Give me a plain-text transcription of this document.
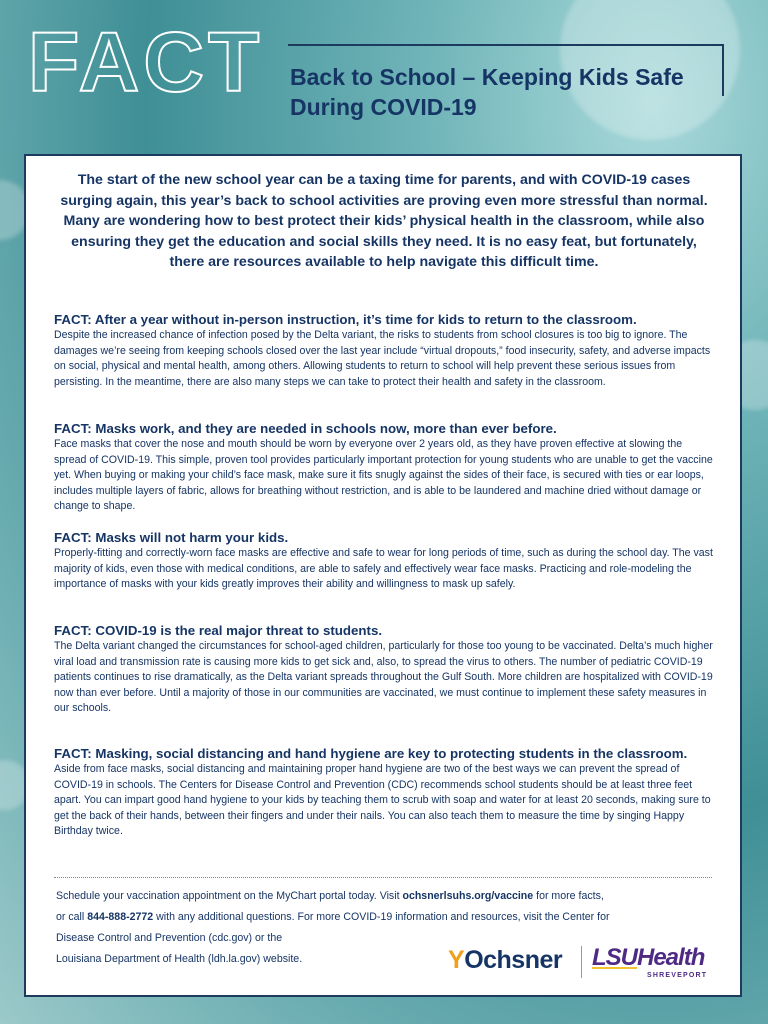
FACT Back to School – Keeping Kids Safe During COVID-19
The start of the new school year can be a taxing time for parents, and with COVID-19 cases surging again, this year’s back to school activities are proving even more stressful than normal. Many are wondering how to best protect their kids’ physical health in the classroom, while also ensuring they get the education and social skills they need. It is no easy feat, but fortunately, there are resources available to help navigate this difficult time.
FACT: After a year without in-person instruction, it’s time for kids to return to the classroom.
Despite the increased chance of infection posed by the Delta variant, the risks to students from school closures is too big to ignore. The damages we’re seeing from keeping schools closed over the last year include “virtual dropouts,” food insecurity, safety, and adverse impacts on social, physical and mental health, among others. Allowing students to return to school will help prevent these serious issues from persisting. In the meantime, there are also many steps we can take to protect their health and safety in the classroom.
FACT: Masks work, and they are needed in schools now, more than ever before.
Face masks that cover the nose and mouth should be worn by everyone over 2 years old, as they have proven effective at slowing the spread of COVID-19. This simple, proven tool provides particularly important protection for young students who are unable to get the vaccine yet. When buying or making your child’s face mask, make sure it fits snugly against the sides of their face, is secured with ties or ear loops, includes multiple layers of fabric, allows for breathing without restriction, and is able to be laundered and machine dried without damage or change to shape.
FACT: Masks will not harm your kids.
Properly-fitting and correctly-worn face masks are effective and safe to wear for long periods of time, such as during the school day. The vast majority of kids, even those with medical conditions, are able to safely and effectively wear face masks. Practicing and role-modeling the importance of masks with your kids greatly improves their ability and willingness to mask up safely.
FACT: COVID-19 is the real major threat to students.
The Delta variant changed the circumstances for school-aged children, particularly for those too young to be vaccinated. Delta’s much higher viral load and transmission rate is causing more kids to get sick and, also, to spread the virus to others. The number of pediatric COVID-19 patients continues to rise dramatically, as the Delta variant spreads throughout the Gulf South. More children are hospitalized with COVID-19 now than ever before. Until a majority of those in our communities are vaccinated, we must continue to implement these safety measures in our schools.
FACT: Masking, social distancing and hand hygiene are key to protecting students in the classroom.
Aside from face masks, social distancing and maintaining proper hand hygiene are two of the best ways we can prevent the spread of COVID-19 in schools. The Centers for Disease Control and Prevention (CDC) recommends school students should be at least three feet apart. You can impart good hand hygiene to your kids by teaching them to scrub with soap and water for at least 20 seconds, making sure to get the back of their hands, between their fingers and under their nails. You can also teach them to measure the time by singing Happy Birthday twice.
Schedule your vaccination appointment on the MyChart portal today. Visit ochsnerlsuhs.org/vaccine for more facts,
or call 844-888-2772 with any additional questions. For more COVID-19 information and resources, visit the Center for
Disease Control and Prevention (cdc.gov) or the
Louisiana Department of Health (ldh.la.gov) website.	YOchsner LSUHealth
SHREVEPORT
